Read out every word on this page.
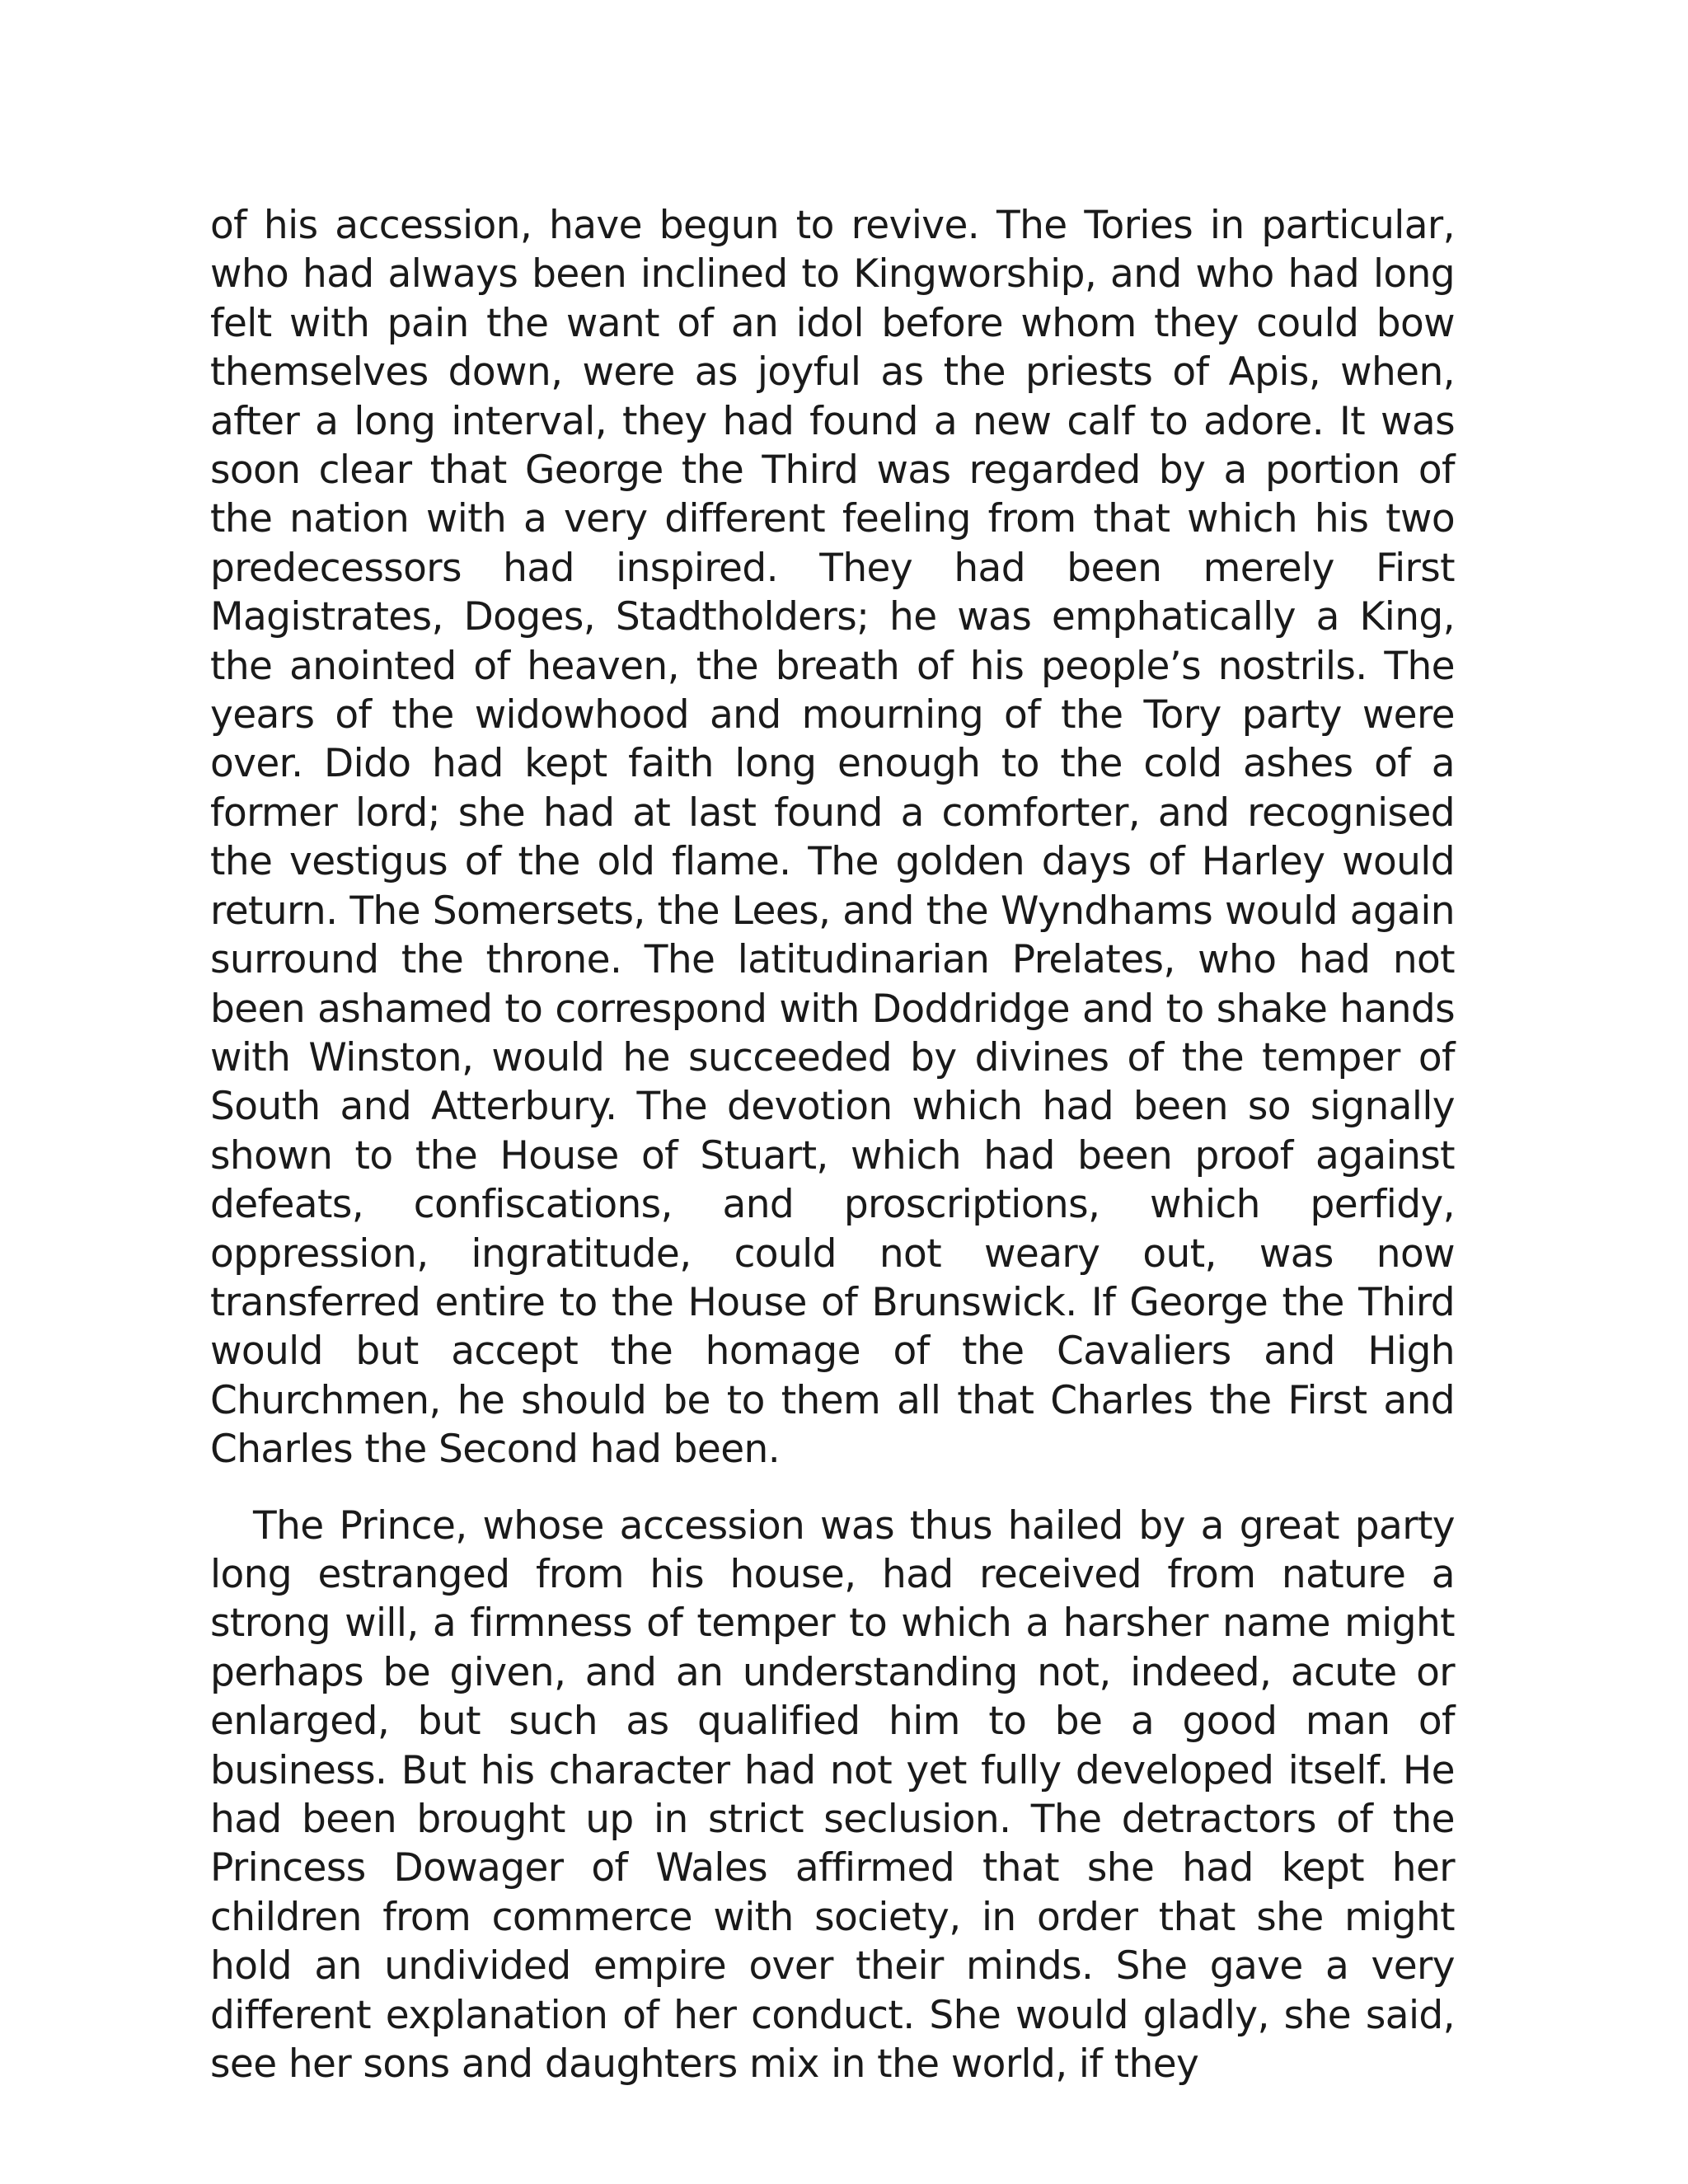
of his accession, have begun to revive. The Tories in particular, who had always been inclined to Kingworship, and who had long felt with pain the want of an idol before whom they could bow themselves down, were as joyful as the priests of Apis, when, after a long interval, they had found a new calf to adore. It was soon clear that George the Third was regarded by a portion of the nation with a very different feeling from that which his two predecessors had inspired. They had been merely First Magistrates, Doges, Stadtholders; he was emphatically a King, the anointed of heaven, the breath of his people’s nostrils. The years of the widowhood and mourning of the Tory party were over. Dido had kept faith long enough to the cold ashes of a former lord; she had at last found a comforter, and recognised the vestigus of the old flame. The golden days of Harley would return. The Somersets, the Lees, and the Wyndhams would again surround the throne. The latitudinarian Prelates, who had not been ashamed to correspond with Doddridge and to shake hands with Winston, would he succeeded by divines of the temper of South and Atterbury. The devotion which had been so signally shown to the House of Stuart, which had been proof against defeats, confiscations, and proscriptions, which perfidy, oppression, ingratitude, could not weary out, was now transferred entire to the House of Brunswick. If George the Third would but accept the homage of the Cavaliers and High Churchmen, he should be to them all that Charles the First and Charles the Second had been.

The Prince, whose accession was thus hailed by a great party long estranged from his house, had received from nature a strong will, a firmness of temper to which a harsher name might perhaps be given, and an understanding not, indeed, acute or enlarged, but such as qualified him to be a good man of business. But his character had not yet fully developed itself. He had been brought up in strict seclusion. The detractors of the Princess Dowager of Wales affirmed that she had kept her children from commerce with society, in order that she might hold an undivided empire over their minds. She gave a very different explanation of her conduct. She would gladly, she said, see her sons and daughters mix in the world, if they
